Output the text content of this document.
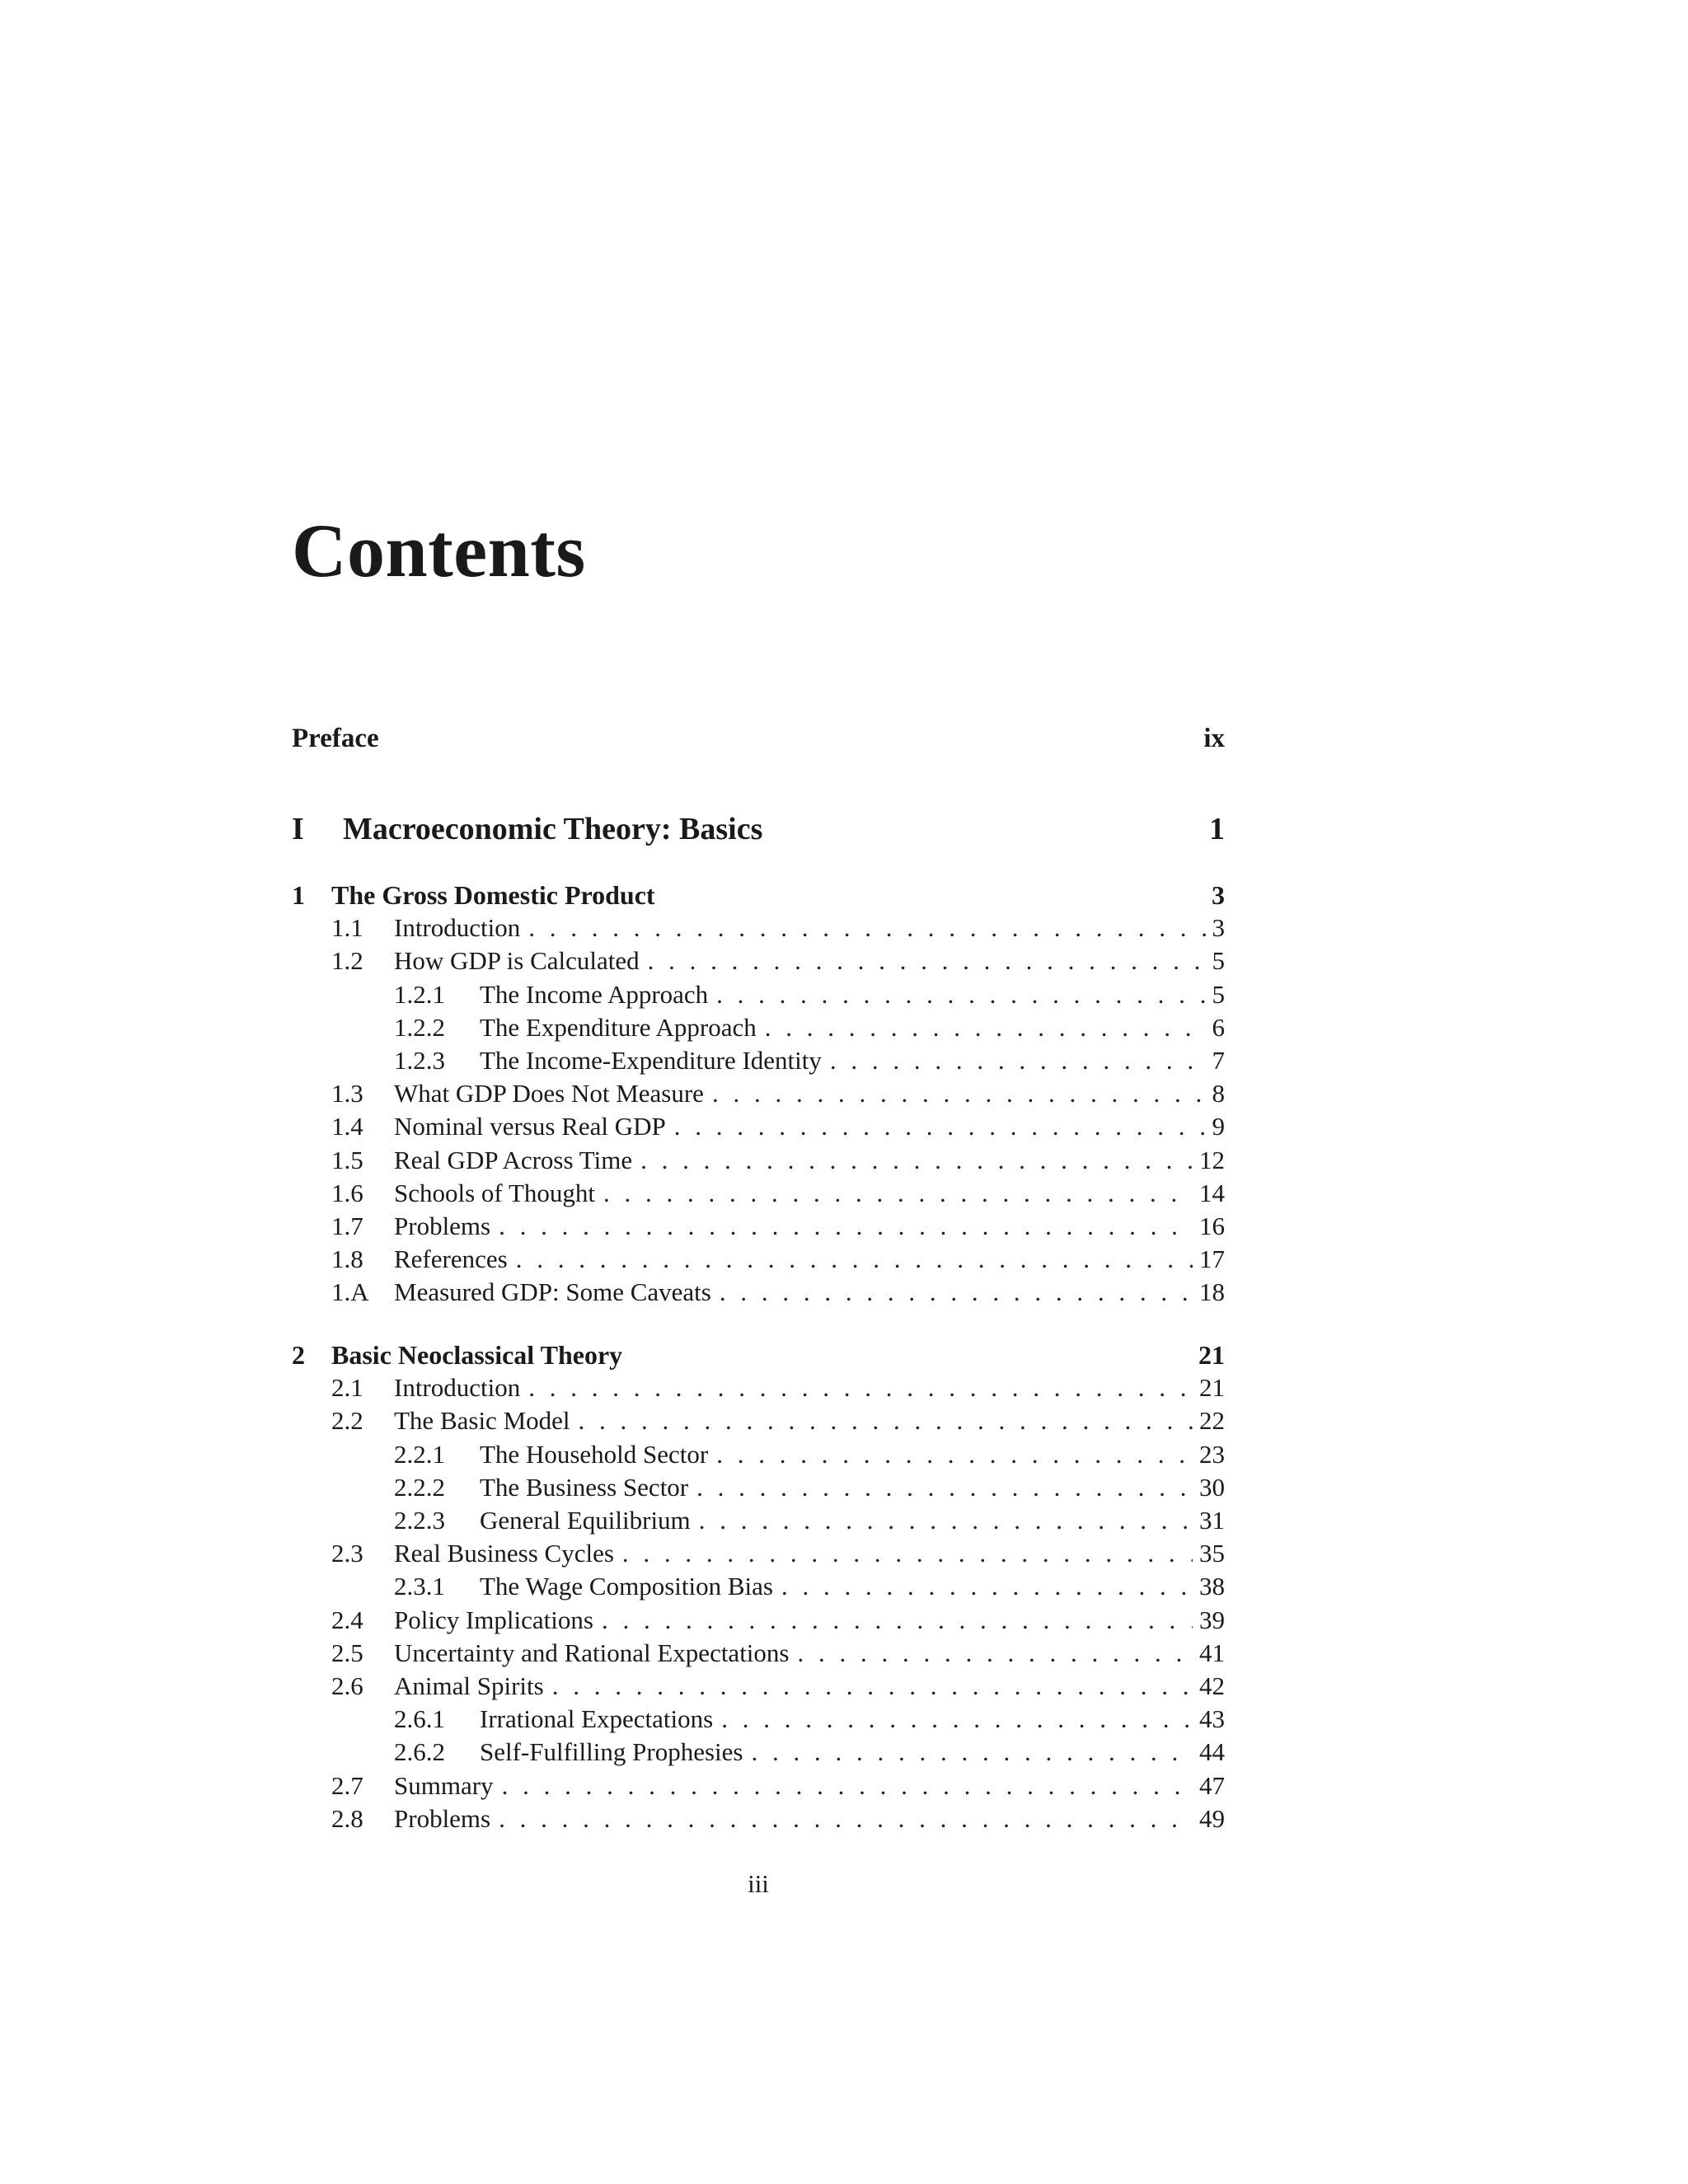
Contents
Preface	ix
I	Macroeconomic Theory: Basics	1
1	The Gross Domestic Product	3
1.1	Introduction . . .	3
1.2	How GDP is Calculated . . .	5
1.2.1	The Income Approach . . .	5
1.2.2	The Expenditure Approach . . .	6
1.2.3	The Income-Expenditure Identity . . .	7
1.3	What GDP Does Not Measure . . .	8
1.4	Nominal versus Real GDP . . .	9
1.5	Real GDP Across Time . . .	12
1.6	Schools of Thought . . .	14
1.7	Problems . . .	16
1.8	References . . .	17
1.A Measured GDP: Some Caveats . . .	18
2	Basic Neoclassical Theory	21
2.1	Introduction . . .	21
2.2	The Basic Model . . .	22
2.2.1	The Household Sector . . .	23
2.2.2	The Business Sector . . .	30
2.2.3	General Equilibrium . . .	31
2.3	Real Business Cycles . . .	35
2.3.1	The Wage Composition Bias . . .	38
2.4	Policy Implications . . .	39
2.5	Uncertainty and Rational Expectations . . .	41
2.6	Animal Spirits . . .	42
2.6.1	Irrational Expectations . . .	43
2.6.2	Self-Fulfilling Prophesies . . .	44
2.7	Summary . . .	47
2.8	Problems . . .	49
iii
